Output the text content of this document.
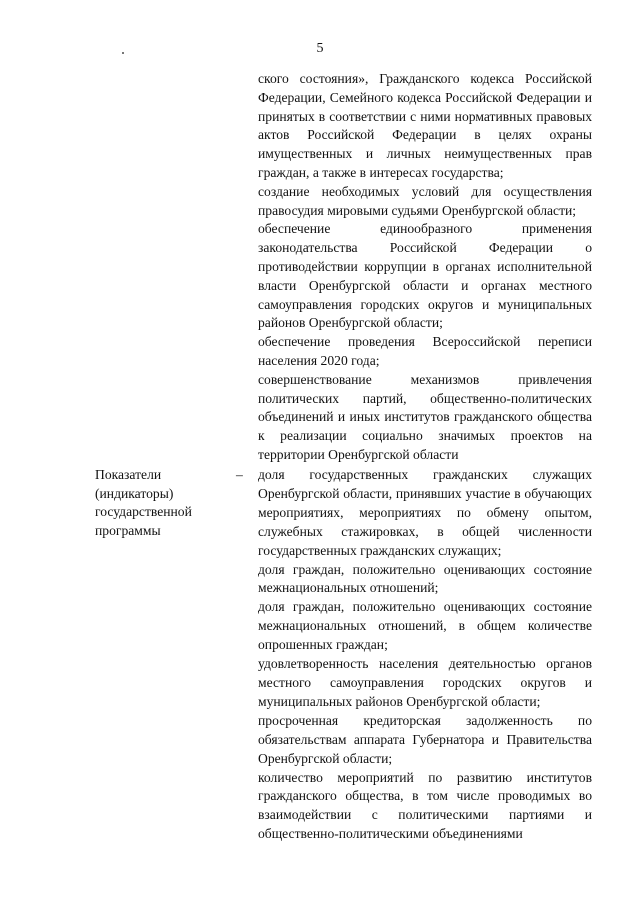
5

ского состояния», Гражданского кодекса Российской Федерации, Семейного кодекса Российской Федерации и принятых в соответствии с ними нормативных правовых актов Российской Федерации в целях охраны имущественных и личных неимущественных прав граждан, а также в интересах государства;

создание необходимых условий для осуществления правосудия мировыми судьями Оренбургской области;

обеспечение единообразного применения законодательства Российской Федерации о противодействии коррупции в органах исполнительной власти Оренбургской области и органах местного самоуправления городских округов и муниципальных районов Оренбургской области;

обеспечение проведения Всероссийской переписи населения 2020 года;

совершенствование механизмов привлечения политических партий, общественно-политических объединений и иных институтов гражданского общества к реализации социально значимых проектов на территории Оренбургской области

Показатели
(индикаторы)
государственной
программы
– доля государственных гражданских служащих Оренбургской области, принявших участие в обучающих мероприятиях, мероприятиях по обмену опытом, служебных стажировках, в общей численности государственных гражданских служащих;

доля граждан, положительно оценивающих состояние межнациональных отношений;

доля граждан, положительно оценивающих состояние межнациональных отношений, в общем количестве опрошенных граждан;

удовлетворенность населения деятельностью органов местного самоуправления городских округов и муниципальных районов Оренбургской области;

просроченная кредиторская задолженность по обязательствам аппарата Губернатора и Правительства Оренбургской области;

количество мероприятий по развитию институтов гражданского общества, в том числе проводимых во взаимодействии с политическими партиями и общественно-политическими объединениями
